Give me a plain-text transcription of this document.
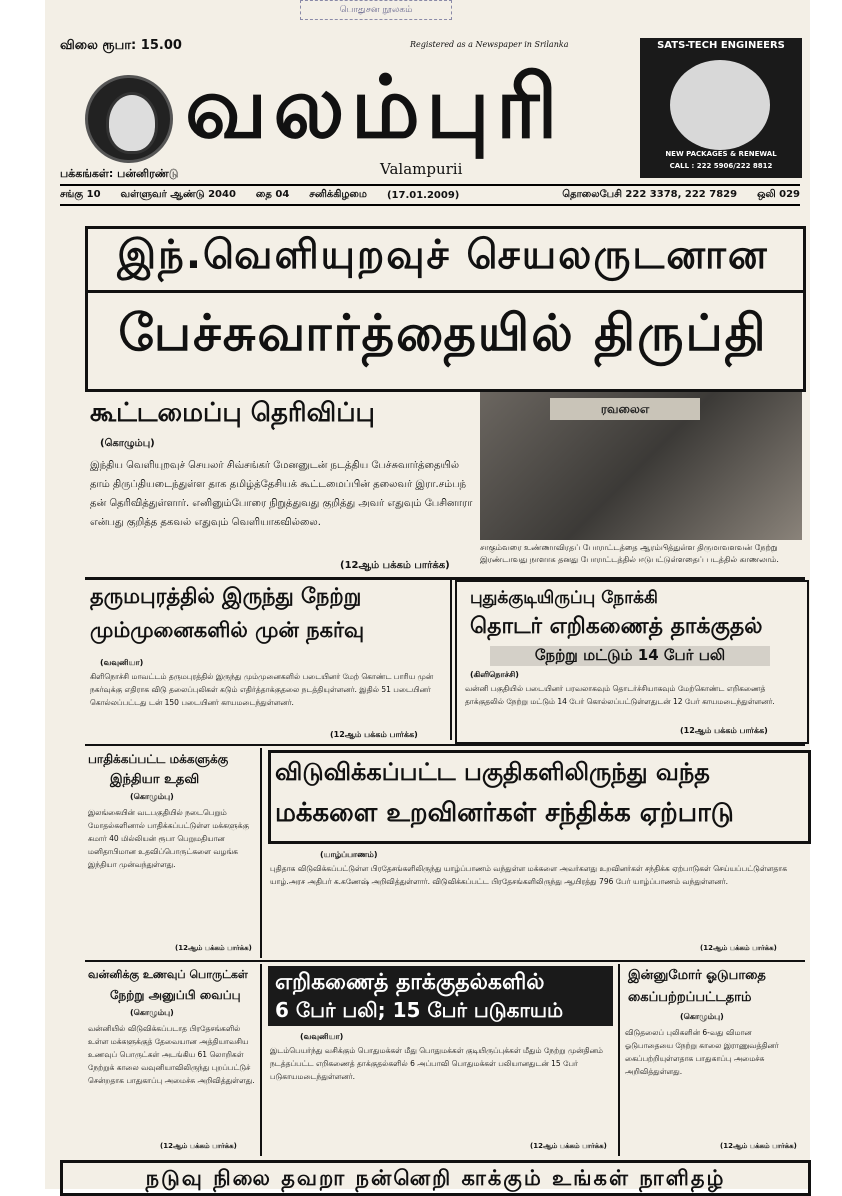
பொதுசன நூலகம்
விலை ரூபா: 15.00	Registered as a Newspaper in Srilanka
வலம்புரி
Valampurii
SATS-TECH ENGINEERS
NEW PACKAGES & RENEWAL
CALL : 222 5906/222 8812
பக்கங்கள்: பன்னிரண்டு
சங்கு 10 வள்ளுவர் ஆண்டு 2040 தை 04 சனிக்கிழமை (17.01.2009)	தொலைபேசி 222 3378, 222 7829 ஒலி 029
இந்.வெளியுறவுச் செயலருடனான
பேச்சுவார்த்தையில் திருப்தி
கூட்டமைப்பு தெரிவிப்பு
(கொழும்பு)
இந்திய வெளியுறவுச் செயலர் சிவ்சங்கர் மேனனுடன் நடத்திய பேச்சுவார்த்தையில் தாம் திருப்தியடைந்துள்ள தாக தமிழ்த்தேசியக் கூட்டமைப்பின் தலைவர் இரா.சம்பந் தன் தெரிவித்துள்ளார். எனினும்போரை நிறுத்துவது குறித்து அவர் எதுவும் பேசினாரா என்பது குறித்த தகவல் எதுவும் வெளியாகவில்லை.
(12ஆம் பக்கம் பார்க்க)
ரவலைஎ
சாகும்வரை உண்ணாவிரதப் போராட்டத்தை ஆரம்பித்துள்ள திருமாவளவன் நேற்று இரண்டாவது நாளாக தனது போராட்டத்தில் ஈடுபட்டுள்ளதைப் படத்தில் காணலாம்.
தருமபுரத்தில் இருந்து நேற்று
மும்முனைகளில் முன் நகர்வு
(வவுனியா)
கிளிநொச்சி மாவட்டம் தருமபுரத்தில் இருந்து மும்முனைகளில் படையினர் மேற் கொண்ட பாரிய முன் நகர்வுக்கு எதிராக விடு தலைப்புலிகள் கடும் எதிர்த்தாக்குதலை நடத்தியுள்ளனர். இதில் 51 படையினர் கொல்லப்பட்டது டன் 150 படையினர் காயமடைந்துள்ளனர்.
(12ஆம் பக்கம் பார்க்க)
புதுக்குடியிருப்பு நோக்கி
தொடர் எறிகணைத் தாக்குதல்
நேற்று மட்டும் 14 பேர் பலி
(கிளிநொச்சி)
வன்னி பகுதியில் படையினர் பரவலாகவும் தொடர்ச்சியாகவும் மேற்கொண்ட எறிகணைத் தாக்குதலில் நேற்று மட்டும் 14 பேர் கொல்லப்பட்டுள்ளதுடன் 12 பேர் காயமடைந்துள்ளனர்.
(12ஆம் பக்கம் பார்க்க)
பாதிக்கப்பட்ட மக்களுக்கு
இந்தியா உதவி
(கொழும்பு)
இலங்கையின் வடபகுதியில் நடைபெறும் மோதல்களினால் பாதிக்கப்பட்டுள்ள மக்களுக்கு சுமார் 40 மில்லியன் ரூபா பெறுமதியான மனிதாபிமான உதவிப்பொருட்களை வழங்க இந்தியா முன்வந்துள்ளது.
(12ஆம் பக்கம் பார்க்க)
விடுவிக்கப்பட்ட பகுதிகளிலிருந்து வந்த
மக்களை உறவினர்கள் சந்திக்க ஏற்பாடு
(யாழ்ப்பாணம்)
புதிதாக விடுவிக்கப்பட்டுள்ள பிரதேசங்களிலிருந்து யாழ்ப்பாணம் வந்துள்ள மக்களை அவர்களது உறவினர்கள் சந்திக்க ஏற்பாடுகள் செய்யப்பட்டுள்ளதாக யாழ்.அரச அதிபர் க.கணேஷ் அறிவித்துள்ளார். விடுவிக்கப்பட்ட பிரதேசங்களிலிருந்து ஆயிரத்து 796 பேர் யாழ்ப்பாணம் வந்துள்ளனர்.
(12ஆம் பக்கம் பார்க்க)
வன்னிக்கு உணவுப் பொருட்கள்
நேற்று அனுப்பி வைப்பு
(கொழும்பு)
வன்னியில் விடுவிக்கப்படாத பிரதேசங்களில் உள்ள மக்களுக்குத் தேவையான அத்தியாவசிய உணவுப் பொருட்கள் அடங்கிய 61 லொறிகள் நேற்றுக் காலை வவுனியாவிலிருந்து புறப்பட்டுச் சென்றதாக பாதுகாப்பு அமைச்சு அறிவித்துள்ளது.
(12ஆம் பக்கம் பார்க்க)
எறிகணைத் தாக்குதல்களில்
6 பேர் பலி; 15 பேர் படுகாயம்
(வவுனியா)
இடம்பெயர்ந்து வசிக்கும் பொதுமக்கள் மீது பொதுமக்கள் குடியிருப்புக்கள் மீதும் நேற்று முன்தினம் நடத்தப்பட்ட எறிகணைத் தாக்குதல்களில் 6 அப்பாவி பொதுமக்கள் பலியானதுடன் 15 பேர் படுகாயமடைந்துள்ளனர்.
(12ஆம் பக்கம் பார்க்க)
இன்னுமோர் ஓடுபாதை
கைப்பற்றப்பட்டதாம்
(கொழும்பு)
விடுதலைப் புலிகளின் 6-வது விமான ஓடுபாதையை நேற்று காலை இராணுவத்தினர் கைப்பற்றியுள்ளதாக பாதுகாப்பு அமைச்சு அறிவித்துள்ளது.
(12ஆம் பக்கம் பார்க்க)
நடுவு நிலை தவறா நன்னெறி காக்கும் உங்கள் நாளிதழ்
